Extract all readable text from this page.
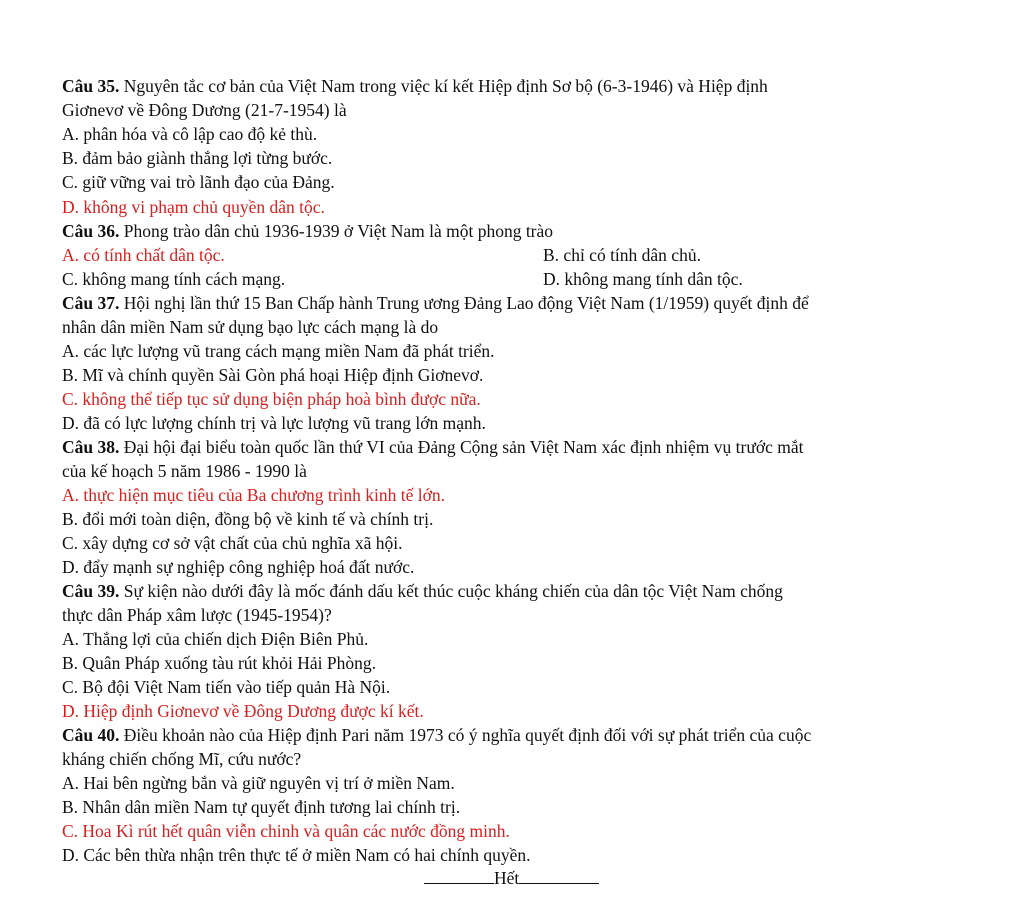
Câu 35. Nguyên tắc cơ bản của Việt Nam trong việc kí kết Hiệp định Sơ bộ (6-3-1946) và Hiệp định
Giơnevơ về Đông Dương (21-7-1954) là
A. phân hóa và cô lập cao độ kẻ thù.
B. đảm bảo giành thắng lợi từng bước.
C. giữ vững vai trò lãnh đạo của Đảng.
D. không vi phạm chủ quyền dân tộc.
Câu 36. Phong trào dân chủ 1936-1939 ở Việt Nam là một phong trào
A. có tính chất dân tộc.	B. chỉ có tính dân chủ.
C. không mang tính cách mạng.	D. không mang tính dân tộc.
Câu 37. Hội nghị lần thứ 15 Ban Chấp hành Trung ương Đảng Lao động Việt Nam (1/1959) quyết định để
nhân dân miền Nam sử dụng bạo lực cách mạng là do
A. các lực lượng vũ trang cách mạng miền Nam đã phát triển.
B. Mĩ và chính quyền Sài Gòn phá hoại Hiệp định Giơnevơ.
C. không thể tiếp tục sử dụng biện pháp hoà bình được nữa.
D. đã có lực lượng chính trị và lực lượng vũ trang lớn mạnh.
Câu 38. Đại hội đại biểu toàn quốc lần thứ VI của Đảng Cộng sản Việt Nam xác định nhiệm vụ trước mắt
của kế hoạch 5 năm 1986 - 1990 là
A. thực hiện mục tiêu của Ba chương trình kinh tế lớn.
B. đổi mới toàn diện, đồng bộ về kinh tế và chính trị.
C. xây dựng cơ sở vật chất của chủ nghĩa xã hội.
D. đẩy mạnh sự nghiệp công nghiệp hoá đất nước.
Câu 39. Sự kiện nào dưới đây là mốc đánh dấu kết thúc cuộc kháng chiến của dân tộc Việt Nam chống
thực dân Pháp xâm lược (1945-1954)?
A. Thắng lợi của chiến dịch Điện Biên Phủ.
B. Quân Pháp xuống tàu rút khỏi Hải Phòng.
C. Bộ đội Việt Nam tiến vào tiếp quản Hà Nội.
D. Hiệp định Giơnevơ về Đông Dương được kí kết.
Câu 40. Điều khoản nào của Hiệp định Pari năm 1973 có ý nghĩa quyết định đối với sự phát triển của cuộc
kháng chiến chống Mĩ, cứu nước?
A. Hai bên ngừng bắn và giữ nguyên vị trí ở miền Nam.
B. Nhân dân miền Nam tự quyết định tương lai chính trị.
C. Hoa Kì rút hết quân viễn chinh và quân các nước đồng minh.
D. Các bên thừa nhận trên thực tế ở miền Nam có hai chính quyền.
Hết
